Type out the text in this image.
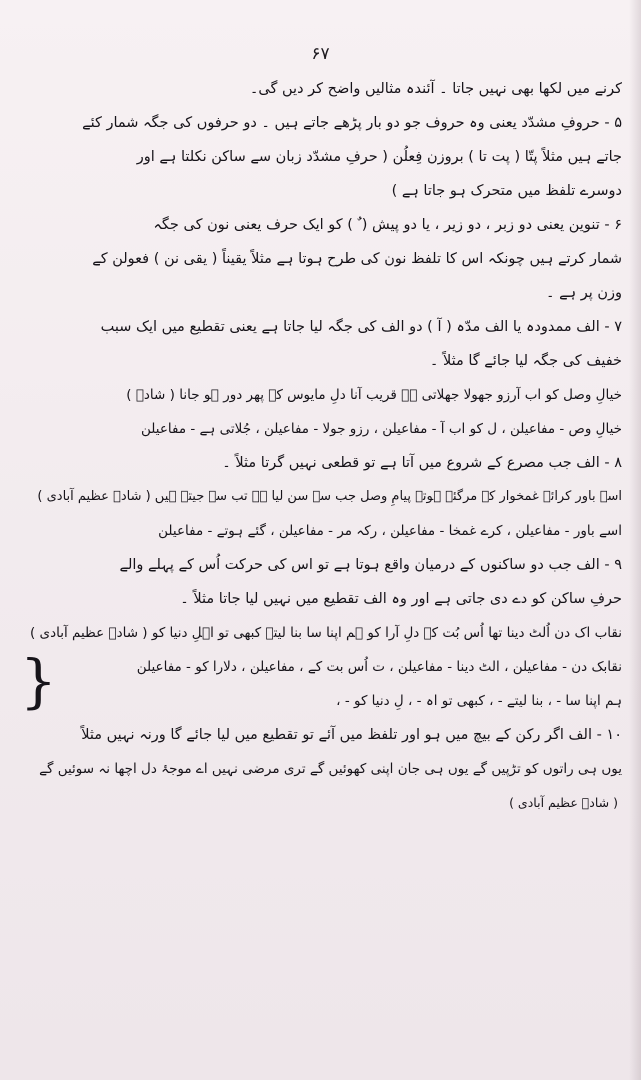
۶۷
کرنے میں لکھا بھی نہیں جاتا ۔ آئندہ مثالیں واضح کر دیں گی۔
۵ - حروفِ مشدّد یعنی وہ حروف جو دو بار پڑھے جاتے ہیں ۔ دو حرفوں کی جگہ شمار کئے
جاتے ہیں مثلاً پتّا ( پت تا ) بروزن فِعلُن ( حرفِ مشدّد زبان سے ساکن نکلتا ہے اور
دوسرے تلفظ میں متحرک ہو جاتا ہے )
۶ - تنوین یعنی دو زبر ، دو زیر ، یا دو پیش ( ٌ ) کو ایک حرف یعنی نون کی جگہ
شمار کرتے ہیں چونکہ اس کا تلفظ نون کی طرح ہوتا ہے مثلاً یقیناً ( یقی نن ) فعولن کے
وزن پر ہے ۔
۷ - الف ممدودہ یا الف مدّہ ( آ ) دو الف کی جگہ لیا جاتا ہے یعنی تقطیع میں ایک سبب
خفیف کی جگہ لیا جائے گا مثلاً ۔
خیالِ وصل کو اب آرزو جھولا جھلاتی ہے قریب آنا دلِ مایوس کے پھر دور ہو جانا ( شادؔ )
خیالِ وص - مفاعیلن ، ل کو اب آ - مفاعیلن ، رزو جولا - مفاعیلن ، جُلاتی ہے - مفاعیلن
۸ - الف جب مصرع کے شروع میں آتا ہے تو قطعی نہیں گرتا مثلاً ۔
اسے باور کرائے غمخوار کہ مرگئے ہوتے پیامِ وصل جب سے سن لیا ہے تب سے جیتے ہیں ( شادؔ عظیم آبادی )
اسے باور - مفاعیلن ، کرے غمخا - مفاعیلن ، رکہ مر - مفاعیلن ، گئے ہوتے - مفاعیلن
۹ - الف جب دو ساکنوں کے درمیان واقع ہوتا ہے تو اس کی حرکت اُس کے پہلے والے
حرفِ ساکن کو دے دی جاتی ہے اور وہ الف تقطیع میں نہیں لیا جاتا مثلاً ۔
نقاب اک دن اُلٹ دینا تھا اُس بُت کے دلِ آرا کو ہم اپنا سا بنا لیتے کبھی تو اہلِ دنیا کو ( شادؔ عظیم آبادی )
{	نقابک دن - مفاعیلن ، الٹ دینا - مفاعیلن ، ت اُس بت کے ، مفاعیلن ، دلارا کو - مفاعیلن
ہم اپنا سا - ، بنا لیتے - ، کبھی تو اہ - ، لِ دنیا کو - ،
۱۰ - الف اگر رکن کے بیچ میں ہو اور تلفظ میں آئے تو تقطیع میں لیا جائے گا ورنہ نہیں مثلاً
یوں ہی راتوں کو تڑپیں گے یوں ہی جان اپنی کھوئیں گے تری مرضی نہیں اے موجۂ دل اچھا نہ سوئیں گے
( شادؔ عظیم آبادی )
